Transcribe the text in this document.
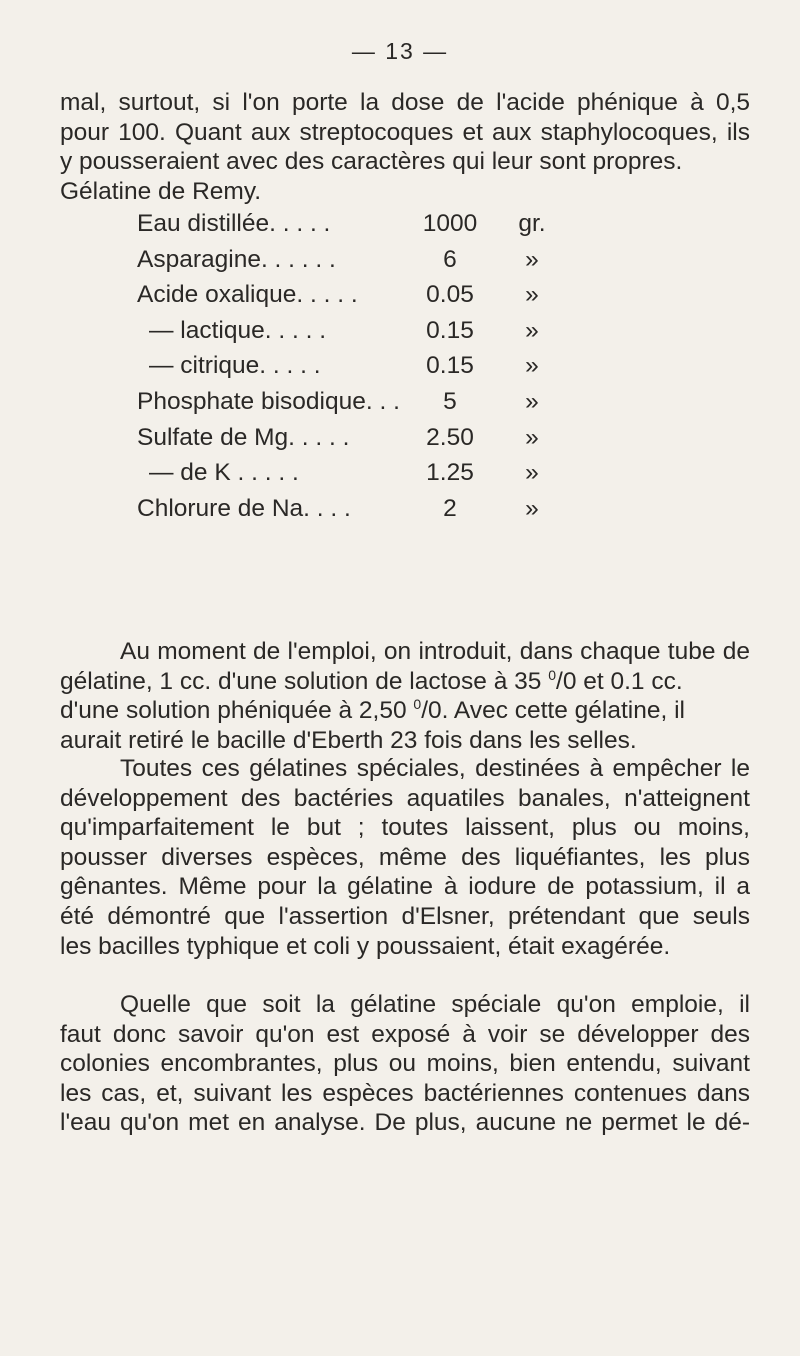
— 13 —
mal, surtout, si l'on porte la dose de l'acide phénique à 0,5
pour 100. Quant aux streptocoques et aux staphylocoques, ils
y pousseraient avec des caractères qui leur sont propres.
Gélatine de Remy.
Eau distillée. . . . .	1000	gr.
Asparagine. . . . . .	6	»
Acide oxalique. . . . .	0.05	»
— lactique. . . . .	0.15	»
— citrique. . . . .	0.15	»
Phosphate bisodique. . .	5	»
Sulfate de Mg. . . . .	2.50	»
— de K . . . . .	1.25	»
Chlorure de Na. . . .	2	»
Au moment de l'emploi, on introduit, dans chaque tube de
gélatine, 1 cc. d'une solution de lactose à 35 $^0$/0 et 0.1 cc.
d'une solution phéniquée à 2,50 $^0$/0. Avec cette gélatine, il
aurait retiré le bacille d'Eberth 23 fois dans les selles.
Toutes ces gélatines spéciales, destinées à empêcher le
développement des bactéries aquatiles banales, n'atteignent
qu'imparfaitement le but ; toutes laissent, plus ou moins,
pousser diverses espèces, même des liquéfiantes, les plus
gênantes. Même pour la gélatine à iodure de potassium, il a
été démontré que l'assertion d'Elsner, prétendant que seuls
les bacilles typhique et coli y poussaient, était exagérée.
Quelle que soit la gélatine spéciale qu'on emploie, il
faut donc savoir qu'on est exposé à voir se développer des
colonies encombrantes, plus ou moins, bien entendu, suivant
les cas, et, suivant les espèces bactériennes contenues dans
l'eau qu'on met en analyse. De plus, aucune ne permet le dé-
